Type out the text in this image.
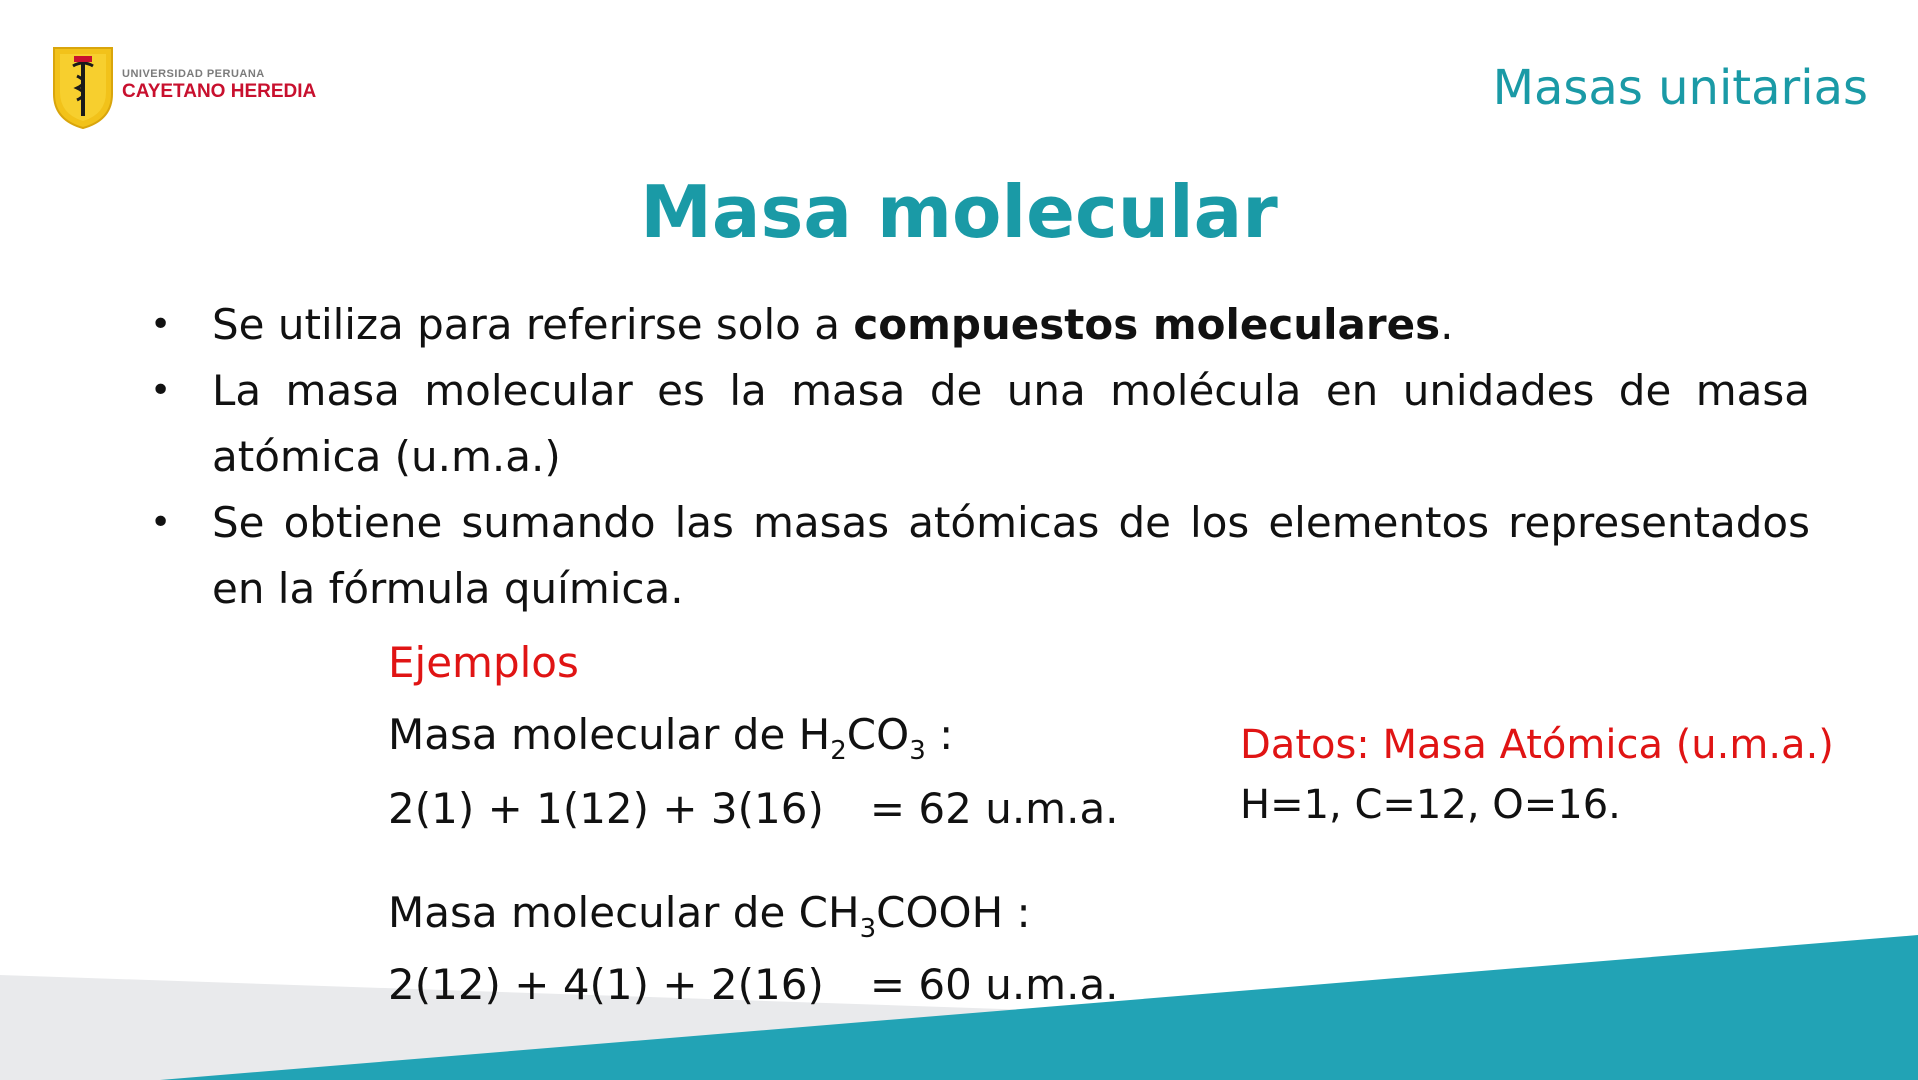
UNIVERSIDAD PERUANA
CAYETANO HEREDIA	Masas unitarias
Masa molecular
• Se utiliza para referirse solo a compuestos moleculares.
• La masa molecular es la masa de una molécula en unidades de masa atómica (u.m.a.)
• Se obtiene sumando las masas atómicas de los elementos representados en la fórmula química.
Ejemplos
Masa molecular de $H_2CO_3$ :
2(1) + 1(12) + 3(16) = 62 u.m.a.
Masa molecular de $CH_3COOH$ :
2(12) + 4(1) + 2(16) = 60 u.m.a.
Datos: Masa Atómica (u.m.a.)
H=1, C=12, O=16.
